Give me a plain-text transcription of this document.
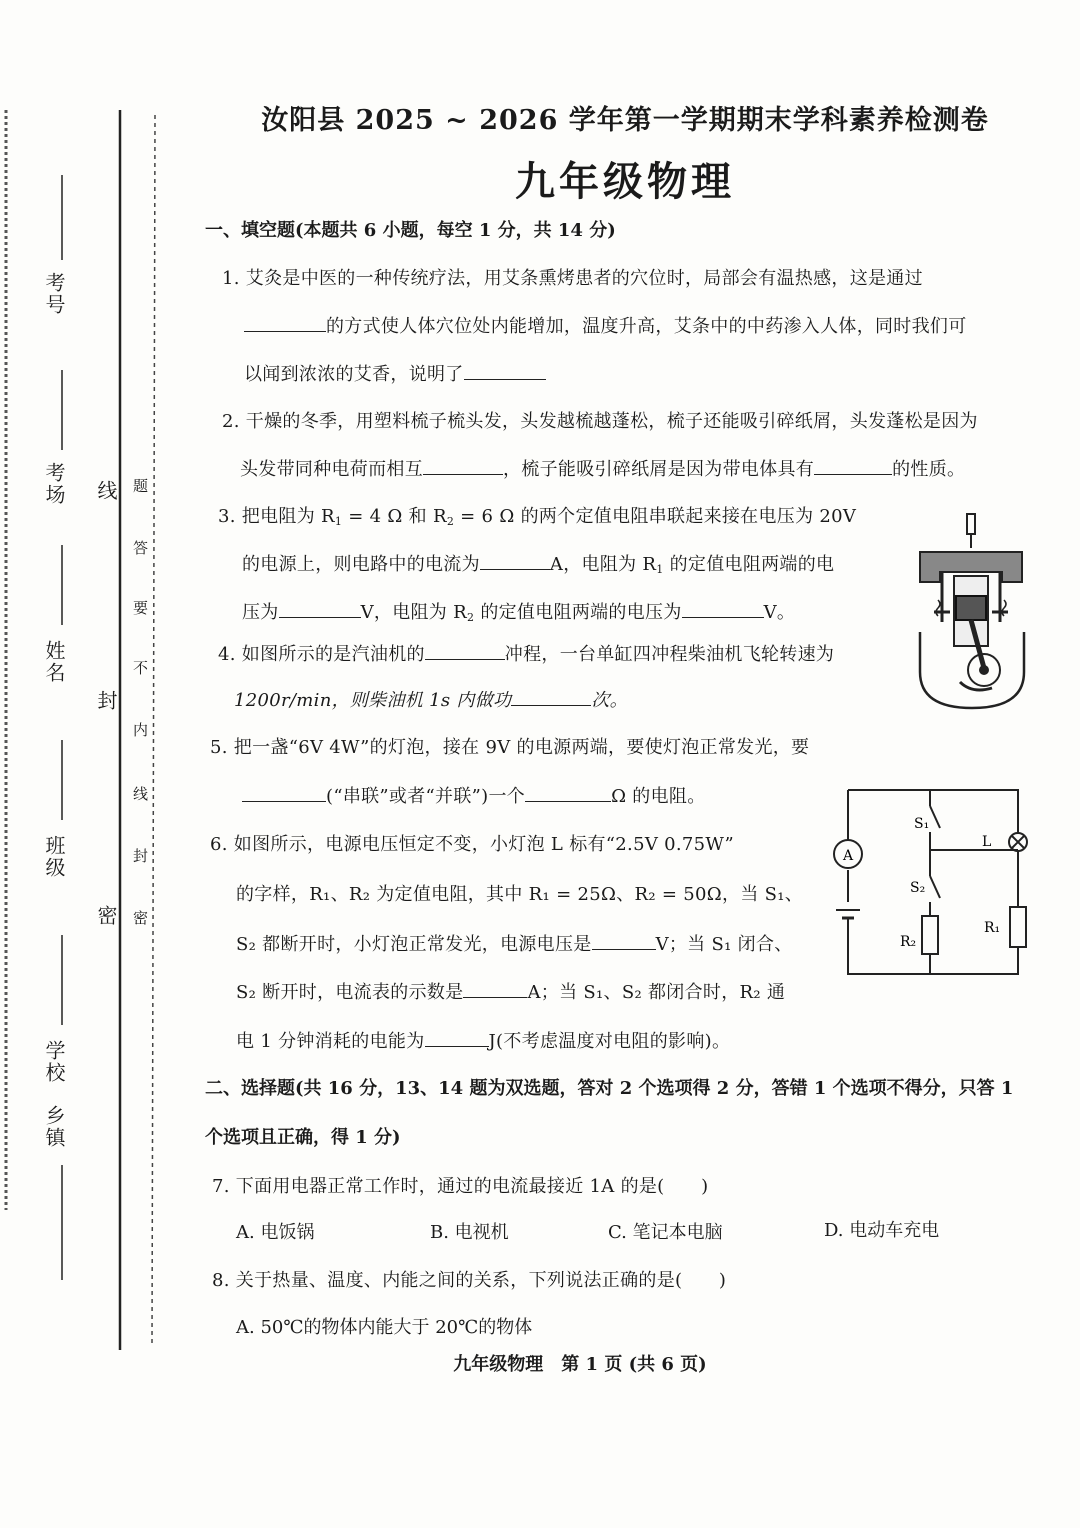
考号
考场
姓名
班级
学校
乡镇
线
封
密
题
答
要
不
内
线
封
密
汝阳县 2025 ~ 2026 学年第一学期期末学科素养检测卷
九年级物理
一、填空题(本题共 6 小题，每空 1 分，共 14 分)
1. 艾灸是中医的一种传统疗法，用艾条熏烤患者的穴位时，局部会有温热感，这是通过
的方式使人体穴位处内能增加，温度升高，艾条中的中药渗入人体，同时我们可
以闻到浓浓的艾香，说明了
2. 干燥的冬季，用塑料梳子梳头发，头发越梳越蓬松，梳子还能吸引碎纸屑，头发蓬松是因为
头发带同种电荷而相互	，梳子能吸引碎纸屑是因为带电体具有	的性质。
3. 把电阻为 $R_1 = 4$ Ω 和 $R_2 = 6$ Ω 的两个定值电阻串联起来接在电压为 20V
的电源上，则电路中的电流为	A，电阻为 $R_1$ 的定值电阻两端的电
压为	V，电阻为 $R_2$ 的定值电阻两端的电压为	V。
4. 如图所示的是汽油机的	冲程，一台单缸四冲程柴油机飞轮转速为
1200r/min，则柴油机 1s 内做功	次。
5. 把一盏“6V 4W”的灯泡，接在 9V 的电源两端，要使灯泡正常发光，要
(“串联”或者“并联”)一个	Ω 的电阻。
A
S₁
S₂
L
R₂
R₁
6. 如图所示，电源电压恒定不变，小灯泡 L 标有“2.5V 0.75W”
的字样，R₁、R₂ 为定值电阻，其中 R₁ = 25Ω、R₂ = 50Ω，当 S₁、
S₂ 都断开时，小灯泡正常发光，电源电压是	V；当 S₁ 闭合、
S₂ 断开时，电流表的示数是	A；当 S₁、S₂ 都闭合时，R₂ 通
电 1 分钟消耗的电能为	J(不考虑温度对电阻的影响)。
二、选择题(共 16 分，13、14 题为双选题，答对 2 个选项得 2 分，答错 1 个选项不得分，只答 1
个选项且正确，得 1 分)
7. 下面用电器正常工作时，通过的电流最接近 1A 的是(　　)
A. 电饭锅	B. 电视机	C. 笔记本电脑	D. 电动车充电
8. 关于热量、温度、内能之间的关系，下列说法正确的是(　　)
A. 50℃的物体内能大于 20℃的物体
九年级物理　第 1 页 (共 6 页)
